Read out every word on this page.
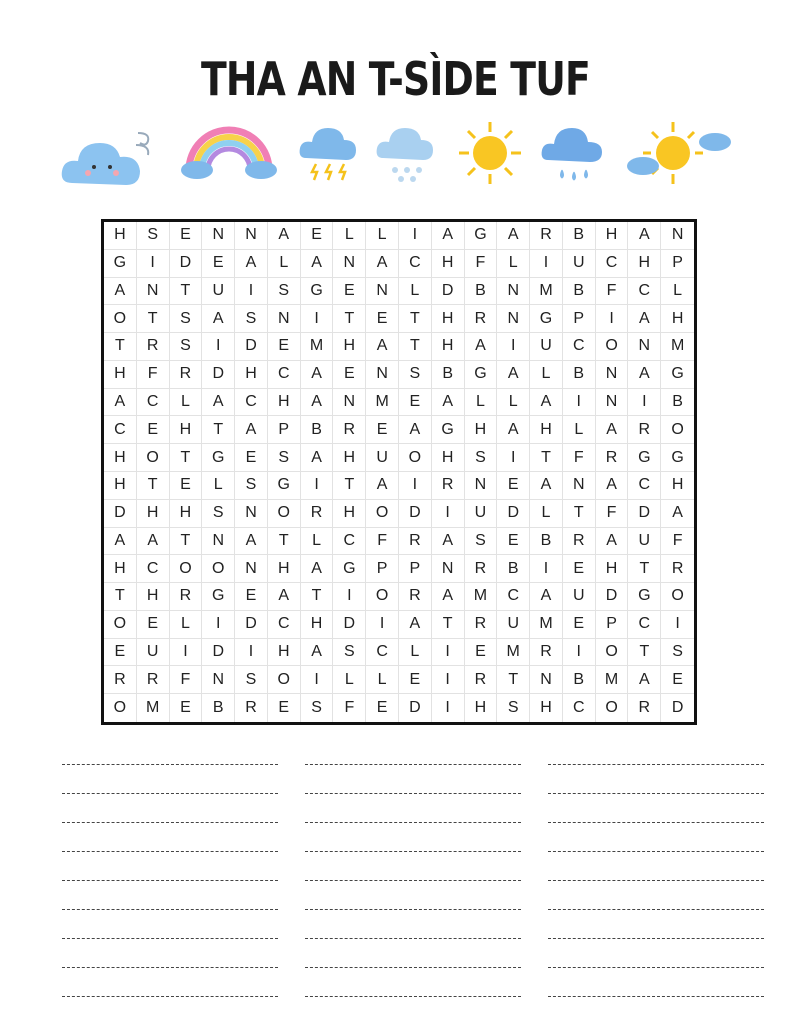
THA AN T-SÌDE TUF
H	S	E	N	N	A	E	L	L	I	A	G	A	R	B	H	A	N
G	I	D	E	A	L	A	N	A	C	H	F	L	I	U	C	H	P
A	N	T	U	I	S	G	E	N	L	D	B	N	M	B	F	C	L
O	T	S	A	S	N	I	T	E	T	H	R	N	G	P	I	A	H
T	R	S	I	D	E	M	H	A	T	H	A	I	U	C	O	N	M
H	F	R	D	H	C	A	E	N	S	B	G	A	L	B	N	A	G
A	C	L	A	C	H	A	N	M	E	A	L	L	A	I	N	I	B
C	E	H	T	A	P	B	R	E	A	G	H	A	H	L	A	R	O
H	O	T	G	E	S	A	H	U	O	H	S	I	T	F	R	G	G
H	T	E	L	S	G	I	T	A	I	R	N	E	A	N	A	C	H
D	H	H	S	N	O	R	H	O	D	I	U	D	L	T	F	D	A
A	A	T	N	A	T	L	C	F	R	A	S	E	B	R	A	U	F
H	C	O	O	N	H	A	G	P	P	N	R	B	I	E	H	T	R
T	H	R	G	E	A	T	I	O	R	A	M	C	A	U	D	G	O
O	E	L	I	D	C	H	D	I	A	T	R	U	M	E	P	C	I
E	U	I	D	I	H	A	S	C	L	I	E	M	R	I	O	T	S
R	R	F	N	S	O	I	L	L	E	I	R	T	N	B	M	A	E
O	M	E	B	R	E	S	F	E	D	I	H	S	H	C	O	R	D
